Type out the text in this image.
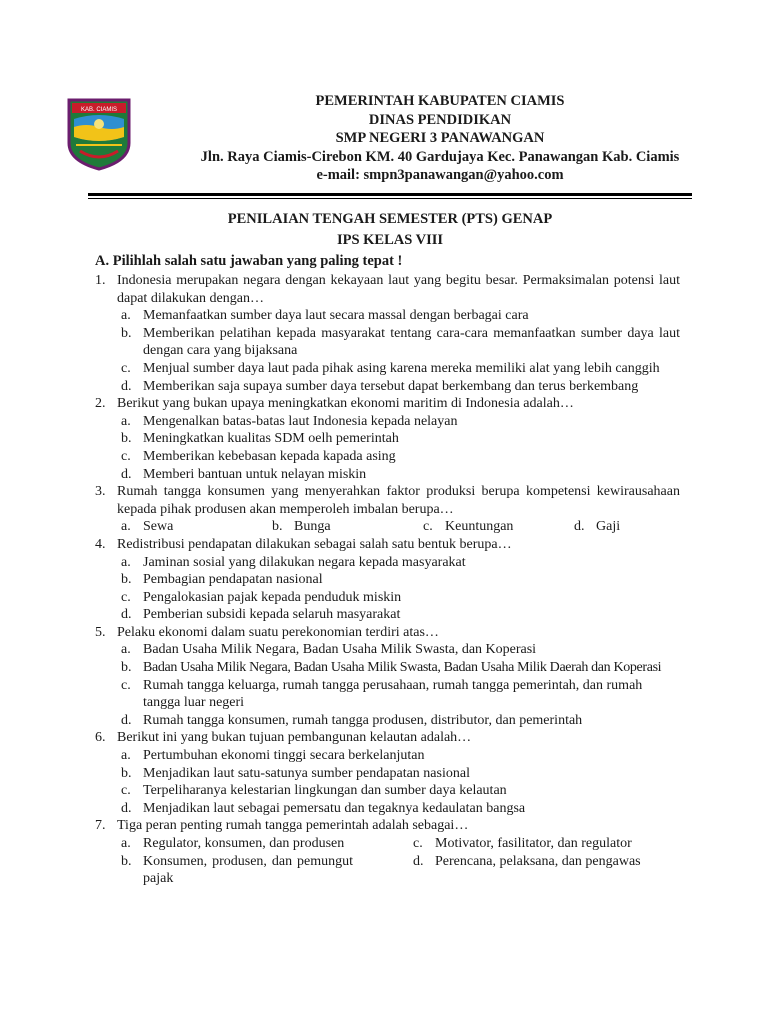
KAB. CIAMIS
PEMERINTAH KABUPATEN CIAMIS
DINAS PENDIDIKAN
SMP NEGERI 3 PANAWANGAN
Jln. Raya Ciamis-Cirebon KM. 40 Gardujaya Kec. Panawangan Kab. Ciamis
e-mail: smpn3panawangan@yahoo.com
PENILAIAN TENGAH SEMESTER (PTS) GENAP
IPS KELAS VIII
A. Pilihlah salah satu jawaban yang paling tepat !
1. Indonesia merupakan negara dengan kekayaan laut yang begitu besar. Permaksimalan potensi laut dapat dilakukan dengan…
a. Memanfaatkan sumber daya laut secara massal dengan berbagai cara
b. Memberikan pelatihan kepada masyarakat tentang cara-cara memanfaatkan sumber daya laut dengan cara yang bijaksana
c. Menjual sumber daya laut pada pihak asing karena mereka memiliki alat yang lebih canggih
d. Memberikan saja supaya sumber daya tersebut dapat berkembang dan terus berkembang
2. Berikut yang bukan upaya meningkatkan ekonomi maritim di Indonesia adalah…
a. Mengenalkan batas-batas laut Indonesia kepada nelayan
b. Meningkatkan kualitas SDM oelh pemerintah
c. Memberikan kebebasan kepada kapada asing
d. Memberi bantuan untuk nelayan miskin
3. Rumah tangga konsumen yang menyerahkan faktor produksi berupa kompetensi kewirausahaan kepada pihak produsen akan memperoleh imbalan berupa…
a. Sewa	b. Bunga	c. Keuntungan	d. Gaji
4. Redistribusi pendapatan dilakukan sebagai salah satu bentuk berupa…
a. Jaminan sosial yang dilakukan negara kepada masyarakat
b. Pembagian pendapatan nasional
c. Pengalokasian pajak kepada penduduk miskin
d. Pemberian subsidi kepada selaruh masyarakat
5. Pelaku ekonomi dalam suatu perekonomian terdiri atas…
a. Badan Usaha Milik Negara, Badan Usaha Milik Swasta, dan Koperasi
b. Badan Usaha Milik Negara, Badan Usaha Milik Swasta, Badan Usaha Milik Daerah dan Koperasi
c. Rumah tangga keluarga, rumah tangga perusahaan, rumah tangga pemerintah, dan rumah tangga luar negeri
d. Rumah tangga konsumen, rumah tangga produsen, distributor, dan pemerintah
6. Berikut ini yang bukan tujuan pembangunan kelautan adalah…
a. Pertumbuhan ekonomi tinggi secara berkelanjutan
b. Menjadikan laut satu-satunya sumber pendapatan nasional
c. Terpeliharanya kelestarian lingkungan dan sumber daya kelautan
d. Menjadikan laut sebagai pemersatu dan tegaknya kedaulatan bangsa
7. Tiga peran penting rumah tangga pemerintah adalah sebagai…
a. Regulator, konsumen, dan produsen
b. Konsumen, produsen, dan pemungut pajak
c. Motivator, fasilitator, dan regulator
d. Perencana, pelaksana, dan pengawas
